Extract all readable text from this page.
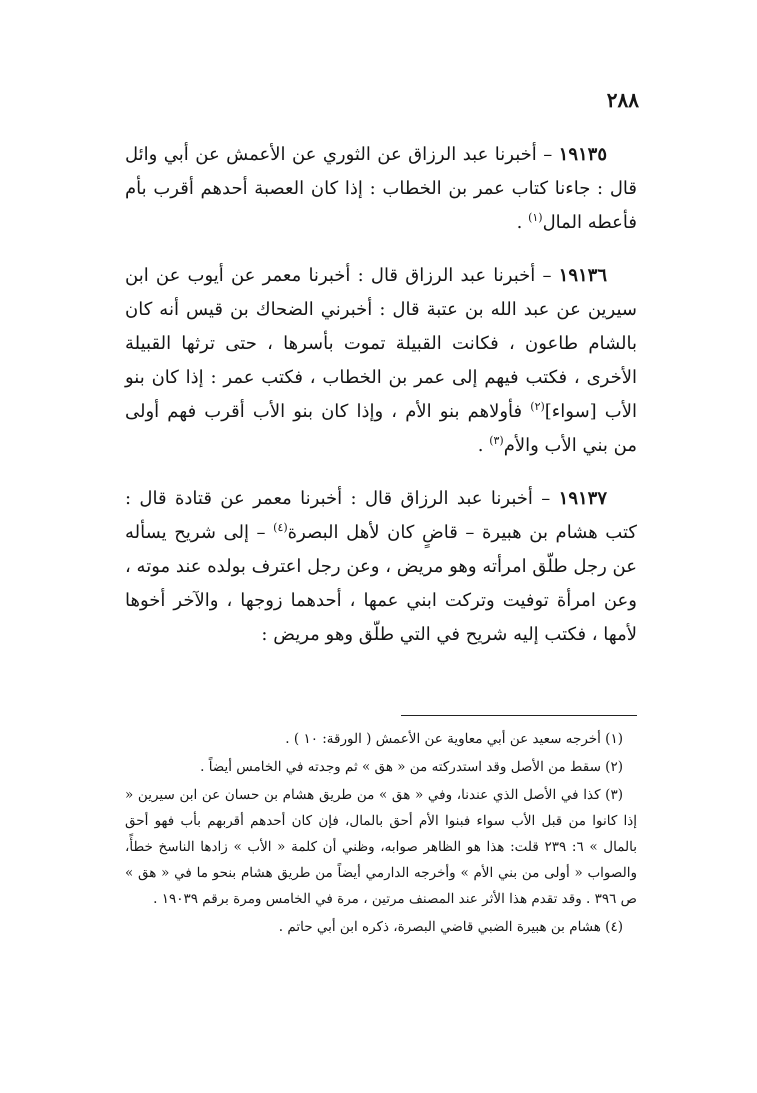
٢٨٨

١٩١٣٥ – أخبرنا عبد الرزاق عن الثوري عن الأعمش عن أبي وائل قال : جاءنا كتاب عمر بن الخطاب : إذا كان العصبة أحدهم أقرب بأم فأعطه المال$^{(١)}$ .

١٩١٣٦ – أخبرنا عبد الرزاق قال : أخبرنا معمر عن أيوب عن ابن سيرين عن عبد الله بن عتبة قال : أخبرني الضحاك بن قيس أنه كان بالشام طاعون ، فكانت القبيلة تموت بأسرها ، حتى ترثها القبيلة الأخرى ، فكتب فيهم إلى عمر بن الخطاب ، فكتب عمر : إذا كان بنو الأب [سواء]$^{(٢)}$ فأولاهم بنو الأم ، وإذا كان بنو الأب أقرب فهم أولى من بني الأب والأم$^{(٣)}$ .

١٩١٣٧ – أخبرنا عبد الرزاق قال : أخبرنا معمر عن قتادة قال : كتب هشام بن هبيرة – قاضٍ كان لأهل البصرة$^{(٤)}$ – إلى شريح يسأله عن رجل طلّق امرأته وهو مريض ، وعن رجل اعترف بولده عند موته ، وعن امرأة توفيت وتركت ابني عمها ، أحدهما زوجها ، والآخر أخوها لأمها ، فكتب إليه شريح في التي طلّق وهو مريض :

(١) أخرجه سعيد عن أبي معاوية عن الأعمش ( الورقة: ١٠ ) .

(٢) سقط من الأصل وقد استدركته من « هق » ثم وجدته في الخامس أيضاً .

(٣) كذا في الأصل الذي عندنا، وفي « هق » من طريق هشام بن حسان عن ابن سيرين « إذا كانوا من قبل الأب سواء فبنوا الأم أحق بالمال، فإن كان أحدهم أقربهم بأب فهو أحق بالمال » ٦: ٢٣٩ قلت: هذا هو الظاهر صوابه، وظني أن كلمة « الأب » زادها الناسخ خطأً، والصواب « أولى من بني الأم » وأخرجه الدارمي أيضاً من طريق هشام بنحو ما في « هق » ص ٣٩٦ . وقد تقدم هذا الأثر عند المصنف مرتين ، مرة في الخامس ومرة برقم ١٩٠٣٩ .

(٤) هشام بن هبيرة الضبي قاضي البصرة، ذكره ابن أبي حاتم .
